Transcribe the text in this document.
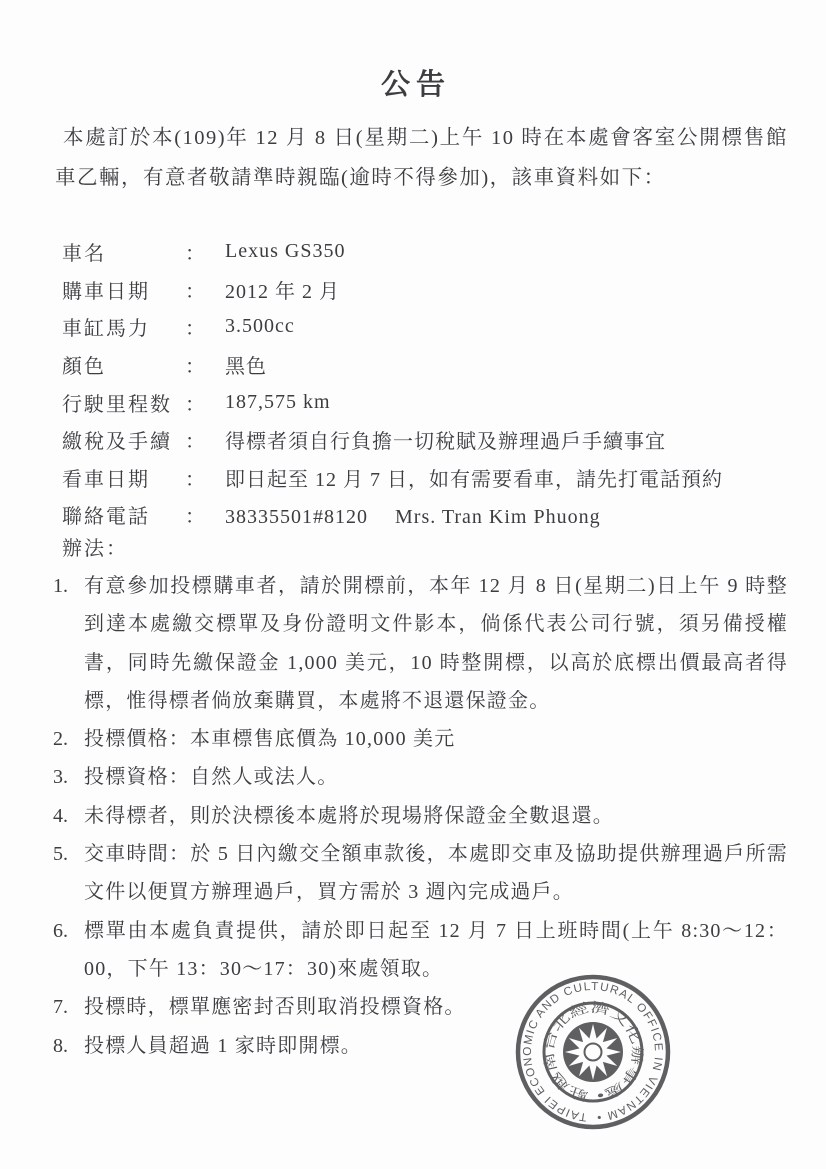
公告

本處訂於本(109)年 12 月 8 日(星期二)上午 10 時在本處會客室公開標售館車乙輛，有意者敬請準時親臨(逾時不得參加)，該車資料如下：

車名	：	Lexus GS350
購車日期	：	2012 年 2 月
車缸馬力	：	3.500cc
顏色	：	黑色
行駛里程数 ：	187,575 km
繳稅及手續 ：	得標者須自行負擔一切稅賦及辦理過戶手續事宜
看車日期	：	即日起至 12 月 7 日，如有需要看車，請先打電話預約
聯絡電話	：	38335501#8120　 Mrs. Tran Kim Phuong
辦法：
1. 有意參加投標購車者，請於開標前，本年 12 月 8 日(星期二)日上午 9 時整到達本處繳交標單及身份證明文件影本，倘係代表公司行號，須另備授權書，同時先繳保證金 1,000 美元，10 時整開標，以高於底標出價最高者得標，惟得標者倘放棄購買，本處將不退還保證金。
2. 投標價格：本車標售底價為 10,000 美元
3. 投標資格：自然人或法人。
4. 未得標者，則於決標後本處將於現場將保證金全數退還。
5. 交車時間：於 5 日內繳交全額車款後，本處即交車及協助提供辦理過戶所需文件以便買方辦理過戶，買方需於 3 週內完成過戶。
6. 標單由本處負責提供，請於即日起至 12 月 7 日上班時間(上午 8:30～12：00，下午 13：30～17：30)來處領取。
7. 投標時，標單應密封否則取消投標資格。
8. 投標人員超過 1 家時即開標。
TAIPEI ECONOMIC AND CULTURAL OFFICE IN VIETNAM •
駐越南台北經濟文化辦事處•
